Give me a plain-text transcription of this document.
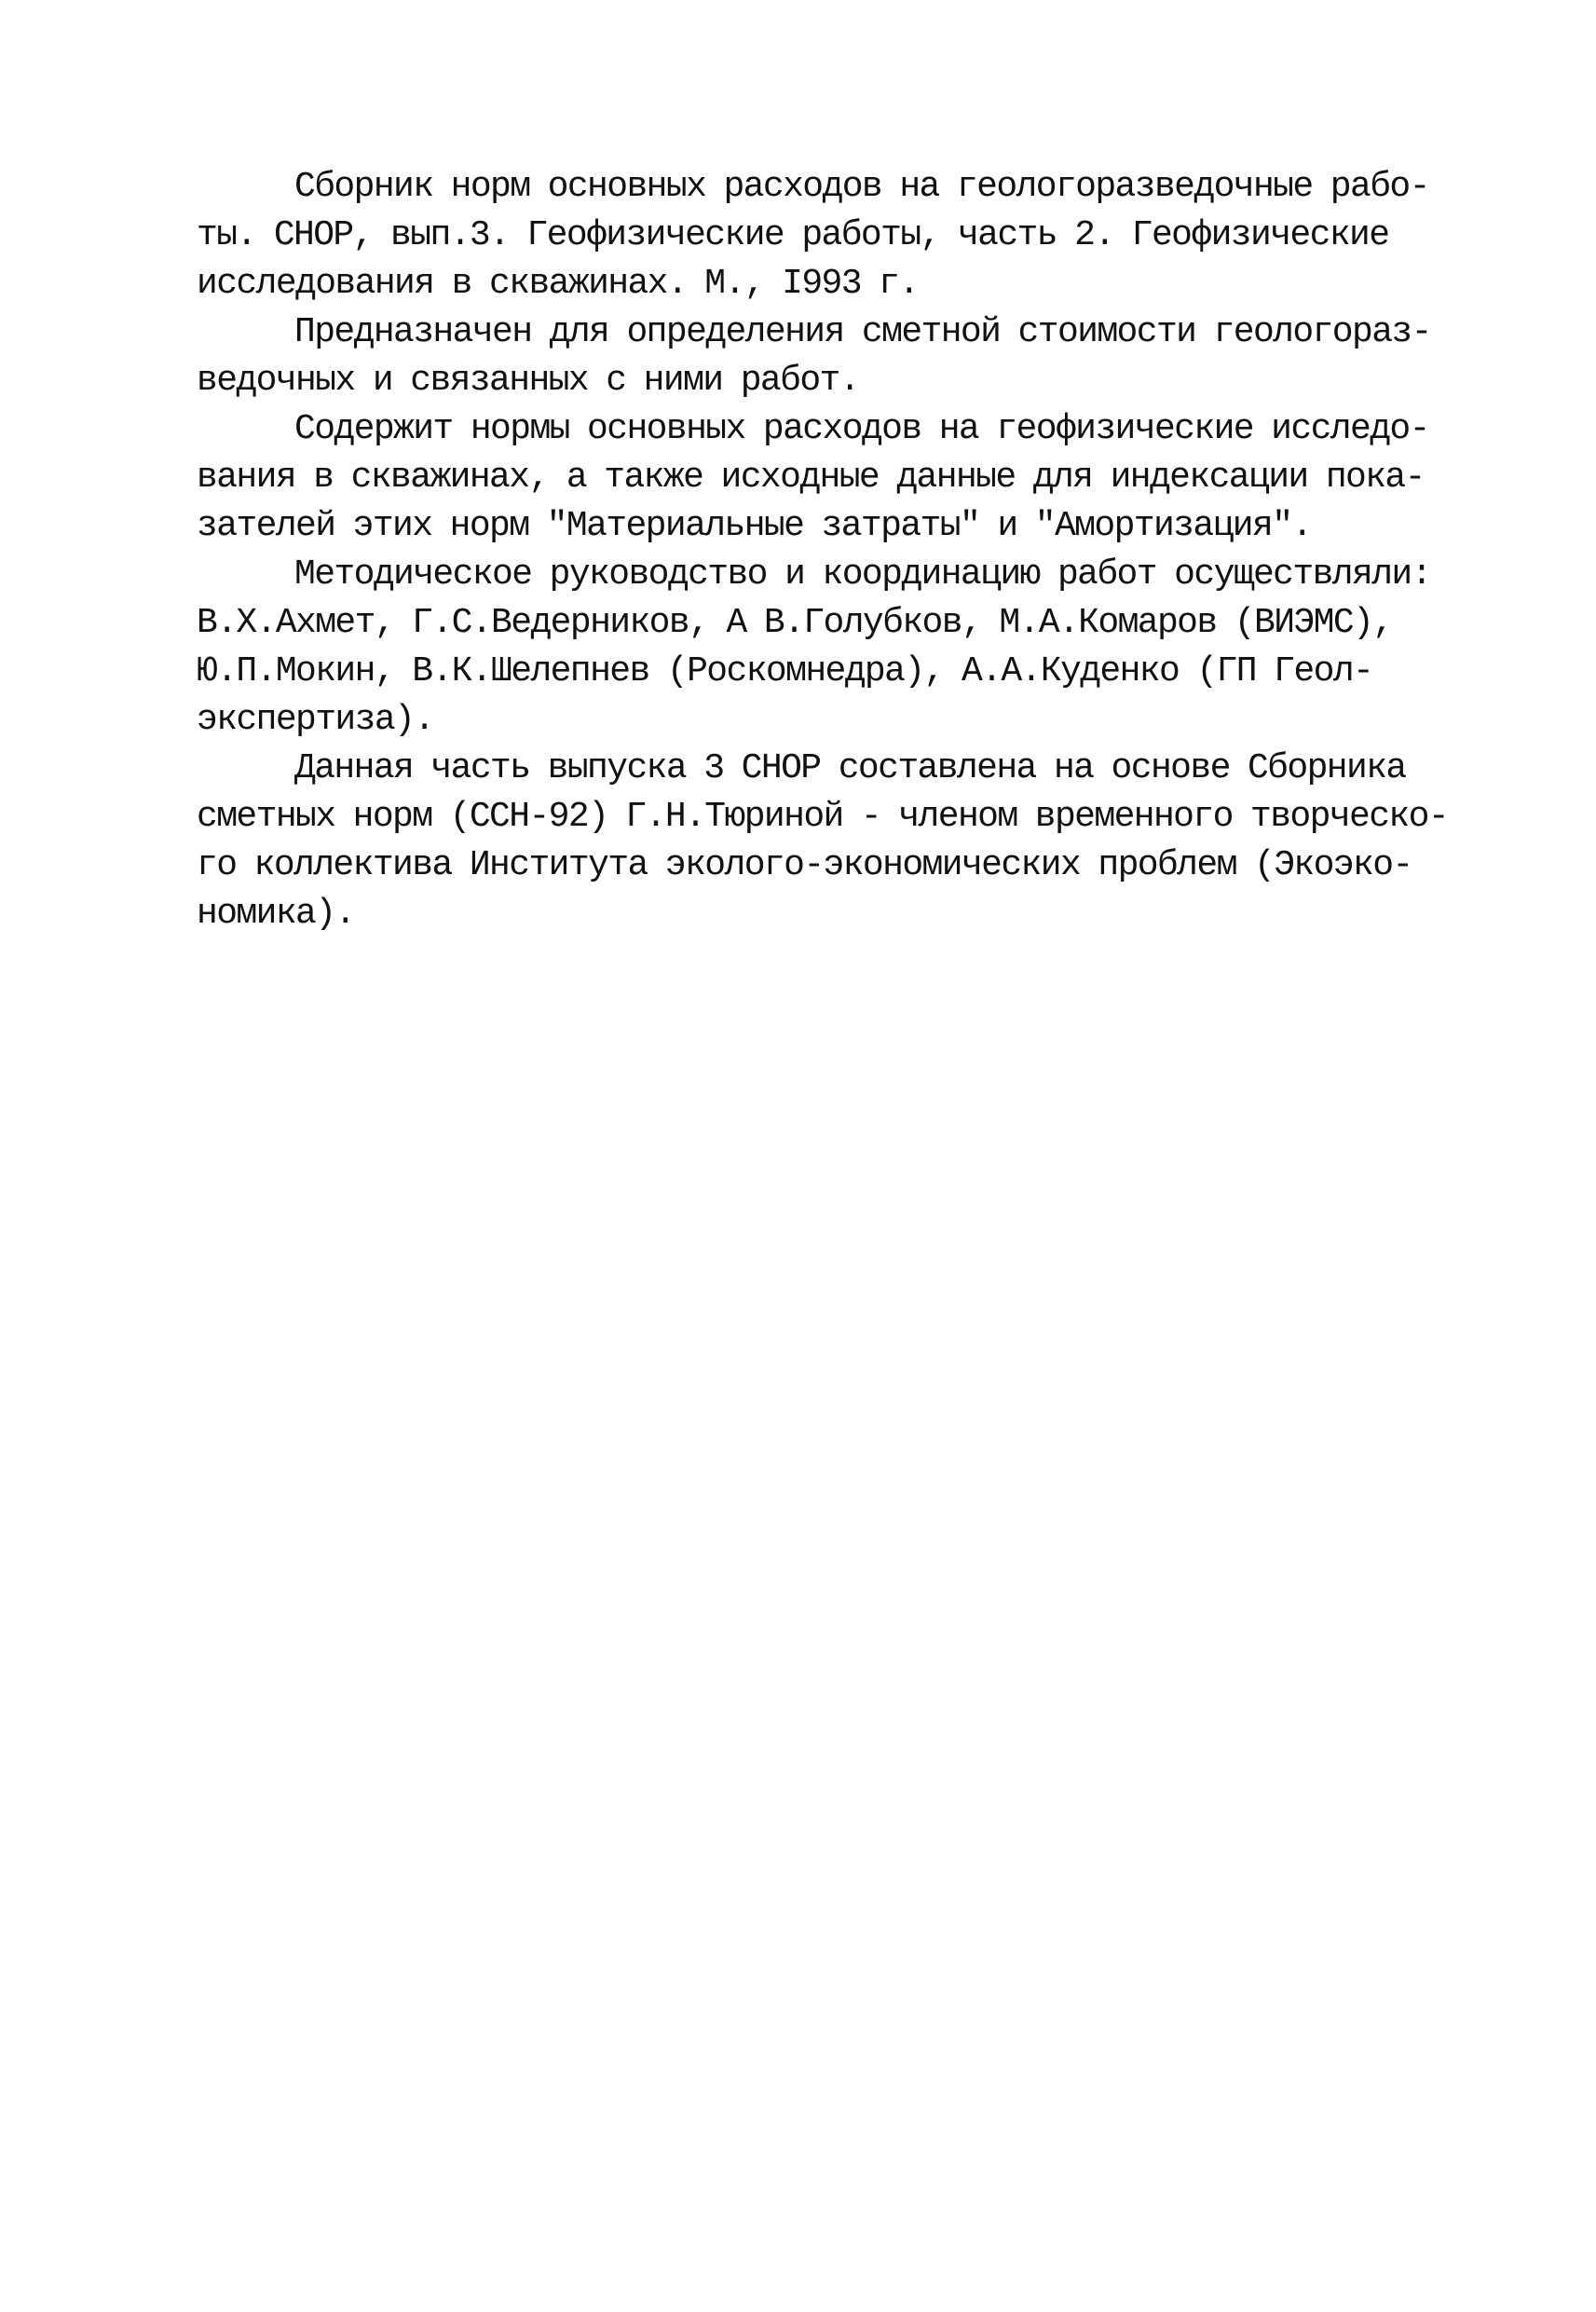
Сборник норм основных расходов на геологоразведочные рабо-
ты. СНОР, вып.3. Геофизические работы, часть 2. Геофизические
исследования в скважинах. М., I993 г.
Предназначен для определения сметной стоимости геологораз-
ведочных и связанных с ними работ.
Содержит нормы основных расходов на геофизические исследо-
вания в скважинах, а также исходные данные для индексации пока-
зателей этих норм "Материальные затраты" и "Амортизация".
Методическое руководство и координацию работ осуществляли:
В.Х.Ахмет, Г.С.Ведерников, А В.Голубков, М.А.Комаров (ВИЭМС),
Ю.П.Мокин, В.К.Шелепнев (Роскомнедра), А.А.Куденко (ГП Геол-
экспертиза).
Данная часть выпуска 3 СНОР составлена на основе Сборника
сметных норм (ССН-92) Г.Н.Тюриной - членом временного творческо-
го коллектива Института эколого-экономических проблем (Экоэко-
номика).
